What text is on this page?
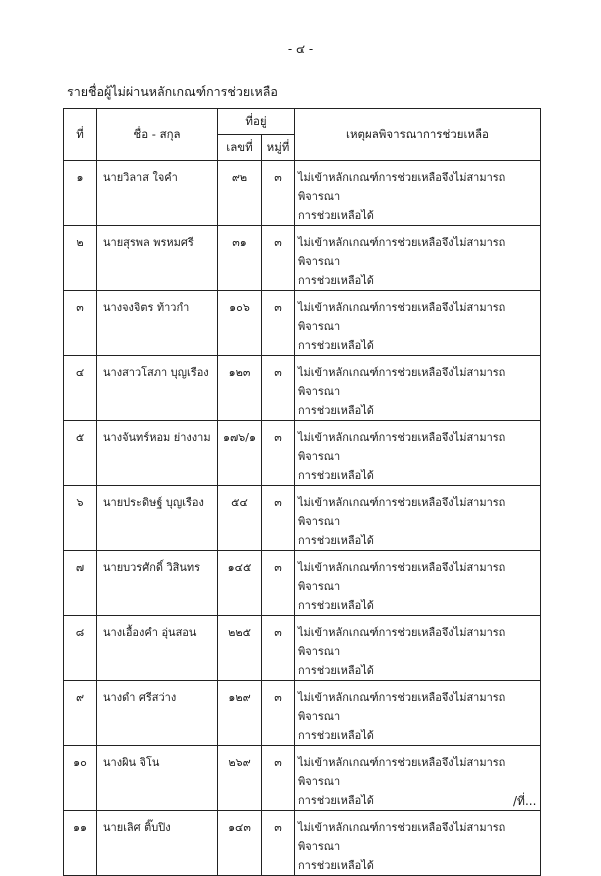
- ๔ -
รายชื่อผู้ไม่ผ่านหลักเกณฑ์การช่วยเหลือ
ที่	ชื่อ - สกุล	ที่อยู่		เหตุผลพิจารณาการช่วยเหลือ
		เลขที่	หมู่ที่	
๑	นายวิลาส ใจคำ	๙๒	๓	ไม่เข้าหลักเกณฑ์การช่วยเหลือจึงไม่สามารถพิจารณา
การช่วยเหลือได้

๒	นายสุรพล พรหมศรี	๓๑	๓	ไม่เข้าหลักเกณฑ์การช่วยเหลือจึงไม่สามารถพิจารณา
การช่วยเหลือได้

๓	นางจงจิตร ท้าวกำ	๑๐๖	๓	ไม่เข้าหลักเกณฑ์การช่วยเหลือจึงไม่สามารถพิจารณา
การช่วยเหลือได้

๔	นางสาวโสภา บุญเรือง	๑๒๓	๓	ไม่เข้าหลักเกณฑ์การช่วยเหลือจึงไม่สามารถพิจารณา
การช่วยเหลือได้

๕	นางจันทร์หอม ย่างงาม	๑๗๖/๑	๓	ไม่เข้าหลักเกณฑ์การช่วยเหลือจึงไม่สามารถพิจารณา
การช่วยเหลือได้

๖	นายประดิษฐ์ บุญเรือง	๕๔	๓	ไม่เข้าหลักเกณฑ์การช่วยเหลือจึงไม่สามารถพิจารณา
การช่วยเหลือได้

๗	นายบวรศักดิ์ วิสินทร	๑๔๕	๓	ไม่เข้าหลักเกณฑ์การช่วยเหลือจึงไม่สามารถพิจารณา
การช่วยเหลือได้

๘	นางเอื้องคำ อุ่นสอน	๒๒๕	๓	ไม่เข้าหลักเกณฑ์การช่วยเหลือจึงไม่สามารถพิจารณา
การช่วยเหลือได้

๙	นางดำ ศรีสว่าง	๑๒๙	๓	ไม่เข้าหลักเกณฑ์การช่วยเหลือจึงไม่สามารถพิจารณา
การช่วยเหลือได้

๑๐	นางผิน จิโน	๒๖๙	๓	ไม่เข้าหลักเกณฑ์การช่วยเหลือจึงไม่สามารถพิจารณา
การช่วยเหลือได้

๑๑	นายเลิศ ติ๊บปิง	๑๔๓	๓	ไม่เข้าหลักเกณฑ์การช่วยเหลือจึงไม่สามารถพิจารณา
การช่วยเหลือได้
/ที่...
